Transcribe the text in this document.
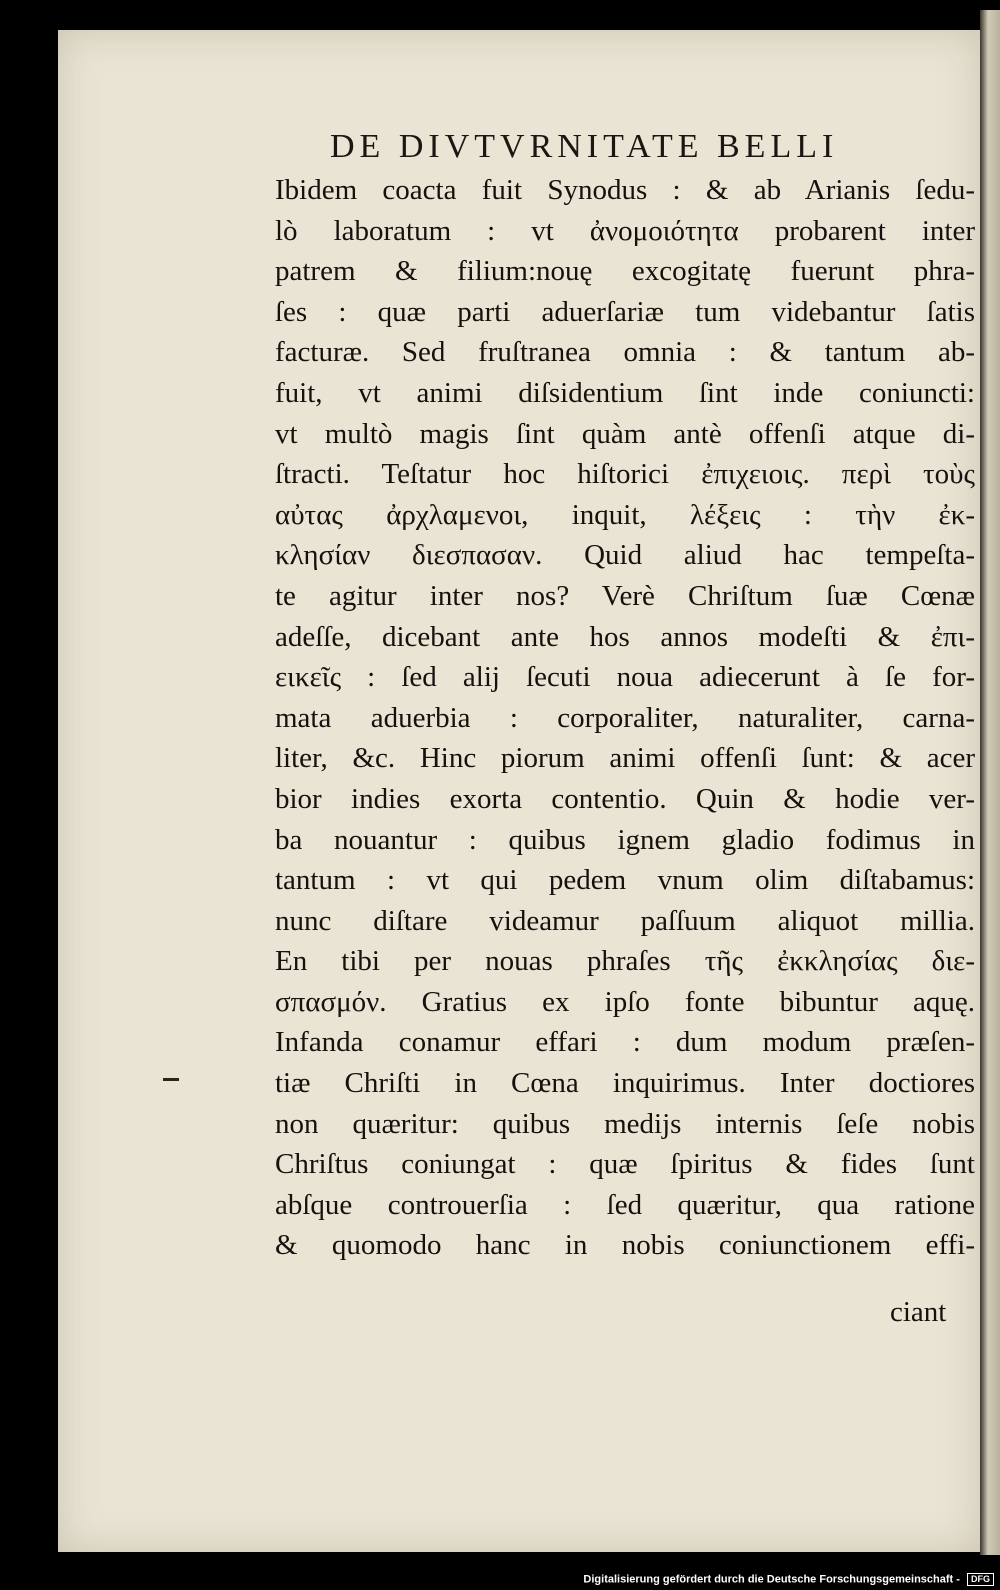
DE DIVTVRNITATE BELLI
Ibidem coacta fuit Synodus : & ab Arianis ſedu-
lò laboratum : vt ἀνομοιότητα probarent inter
patrem & filium:nouę excogitatę fuerunt phra-
ſes : quæ parti aduerſariæ tum videbantur ſatis
facturæ. Sed fruſtranea omnia : & tantum ab-
fuit, vt animi diſsidentium ſint inde coniuncti:
vt multò magis ſint quàm antè offenſi atque di-
ſtracti. Teſtatur hoc hiſtorici ἐπιχειοις. περὶ τοὺς
αὐτας ἀρχλαμενοι, inquit, λέξεις : τὴν ἐκ-
κλησίαν διεσπασαν. Quid aliud hac tempeſta-
te agitur inter nos? Verè Chriſtum ſuæ Cœnæ
adeſſe, dicebant ante hos annos modeſti & ἐπι-
εικεῖς : ſed alij ſecuti noua adiecerunt à ſe for-
mata aduerbia : corporaliter, naturaliter, carna-
liter, &c. Hinc piorum animi offenſi ſunt: & acer
bior indies exorta contentio. Quin & hodie ver-
ba nouantur : quibus ignem gladio fodimus in
tantum : vt qui pedem vnum olim diſtabamus:
nunc diſtare videamur paſſuum aliquot millia.
En tibi per nouas phraſes τῆς ἐκκλησίας διε-
σπασμόν. Gratius ex ipſo fonte bibuntur aquę.
Infanda conamur effari : dum modum præſen-
tiæ Chriſti in Cœna inquirimus. Inter doctiores
non quæritur: quibus medijs internis ſeſe nobis
Chriſtus coniungat : quæ ſpiritus & fides ſunt
abſque controuerſia : ſed quæritur, qua ratione
& quomodo hanc in nobis coniunctionem effi-
ciant
Digitalisierung gefördert durch die Deutsche Forschungsgemeinschaft - DFG
